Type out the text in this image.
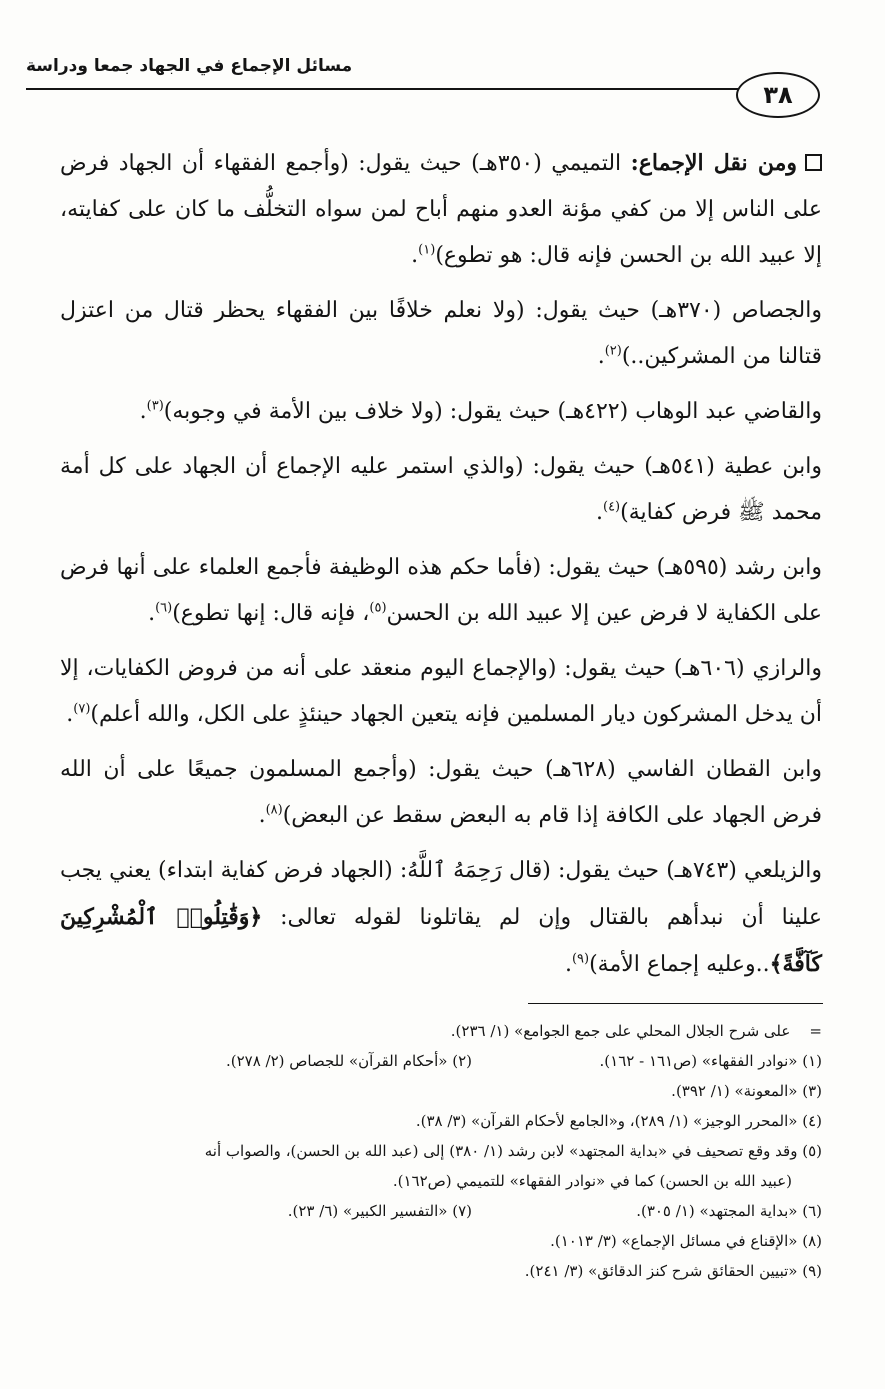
مسائل الإجماع في الجهاد جمعا ودراسة
٣٨

ومن نقل الإجماع: التميمي (٣٥٠هـ) حيث يقول: (وأجمع الفقهاء أن الجهاد فرض على الناس إلا من كفي مؤنة العدو منهم أباح لمن سواه التخلُّف ما كان على كفايته، إلا عبيد الله بن الحسن فإنه قال: هو تطوع)$^{(١)}$.

والجصاص (٣٧٠هـ) حيث يقول: (ولا نعلم خلافًا بين الفقهاء يحظر قتال من اعتزل قتالنا من المشركين..)$^{(٢)}$.

والقاضي عبد الوهاب (٤٢٢هـ) حيث يقول: (ولا خلاف بين الأمة في وجوبه)$^{(٣)}$.

وابن عطية (٥٤١هـ) حيث يقول: (والذي استمر عليه الإجماع أن الجهاد على كل أمة محمد ﷺ فرض كفاية)$^{(٤)}$.

وابن رشد (٥٩٥هـ) حيث يقول: (فأما حكم هذه الوظيفة فأجمع العلماء على أنها فرض على الكفاية لا فرض عين إلا عبيد الله بن الحسن$^{(٥)}$، فإنه قال: إنها تطوع)$^{(٦)}$.

والرازي (٦٠٦هـ) حيث يقول: (والإجماع اليوم منعقد على أنه من فروض الكفايات، إلا أن يدخل المشركون ديار المسلمين فإنه يتعين الجهاد حينئذٍ على الكل، والله أعلم)$^{(٧)}$.

وابن القطان الفاسي (٦٢٨هـ) حيث يقول: (وأجمع المسلمون جميعًا على أن الله فرض الجهاد على الكافة إذا قام به البعض سقط عن البعض)$^{(٨)}$.

والزيلعي (٧٤٣هـ) حيث يقول: (قال رَحِمَهُ ٱللَّهُ: (الجهاد فرض كفاية ابتداء) يعني يجب علينا أن نبدأهم بالقتال وإن لم يقاتلونا لقوله تعالى: ﴿وَقَٰتِلُوا۟ ٱلْمُشْرِكِينَ كَآفَّةً﴾..وعليه إجماع الأمة)$^{(٩)}$.

=    على شرح الجلال المحلي على جمع الجوامع» (١/ ٢٣٦).

(١) «نوادر الفقهاء» (ص١٦١ - ١٦٢).
(٢) «أحكام القرآن» للجصاص (٢/ ٢٧٨).

(٣) «المعونة» (١/ ٣٩٢).

(٤) «المحرر الوجيز» (١/ ٢٨٩)، و«الجامع لأحكام القرآن» (٣/ ٣٨).

(٥) وقد وقع تصحيف في «بداية المجتهد» لابن رشد (١/ ٣٨٠) إلى (عبد الله بن الحسن)، والصواب أنه
(عبيد الله بن الحسن) كما في «نوادر الفقهاء» للتميمي (ص١٦٢).

(٦) «بداية المجتهد» (١/ ٣٠٥).
(٧) «التفسير الكبير» (٦/ ٢٣).

(٨) «الإقناع في مسائل الإجماع» (٣/ ١٠١٣).

(٩) «تبيين الحقائق شرح كنز الدقائق» (٣/ ٢٤١).
